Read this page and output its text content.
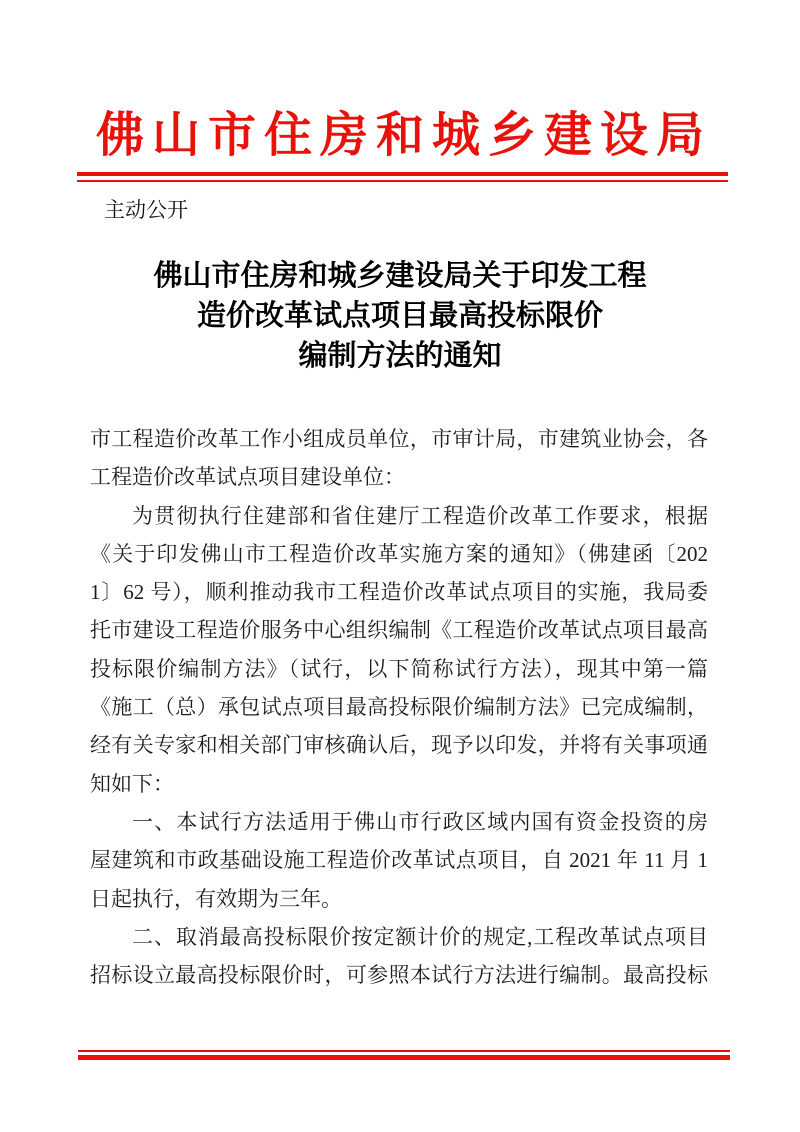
佛山市住房和城乡建设局
主动公开
佛山市住房和城乡建设局关于印发工程
造价改革试点项目最高投标限价
编制方法的通知
市工程造价改革工作小组成员单位，市审计局，市建筑业协会，各
工程造价改革试点项目建设单位：
为贯彻执行住建部和省住建厅工程造价改革工作要求，根据
《关于印发佛山市工程造价改革实施方案的通知》（佛建函〔202
1〕62 号），顺利推动我市工程造价改革试点项目的实施，我局委
托市建设工程造价服务中心组织编制《工程造价改革试点项目最高
投标限价编制方法》（试行，以下简称试行方法），现其中第一篇
《施工（总）承包试点项目最高投标限价编制方法》已完成编制，
经有关专家和相关部门审核确认后，现予以印发，并将有关事项通
知如下：
一、本试行方法适用于佛山市行政区域内国有资金投资的房
屋建筑和市政基础设施工程造价改革试点项目，自 2021 年 11 月 1
日起执行，有效期为三年。
二、取消最高投标限价按定额计价的规定,工程改革试点项目
招标设立最高投标限价时，可参照本试行方法进行编制。最高投标
